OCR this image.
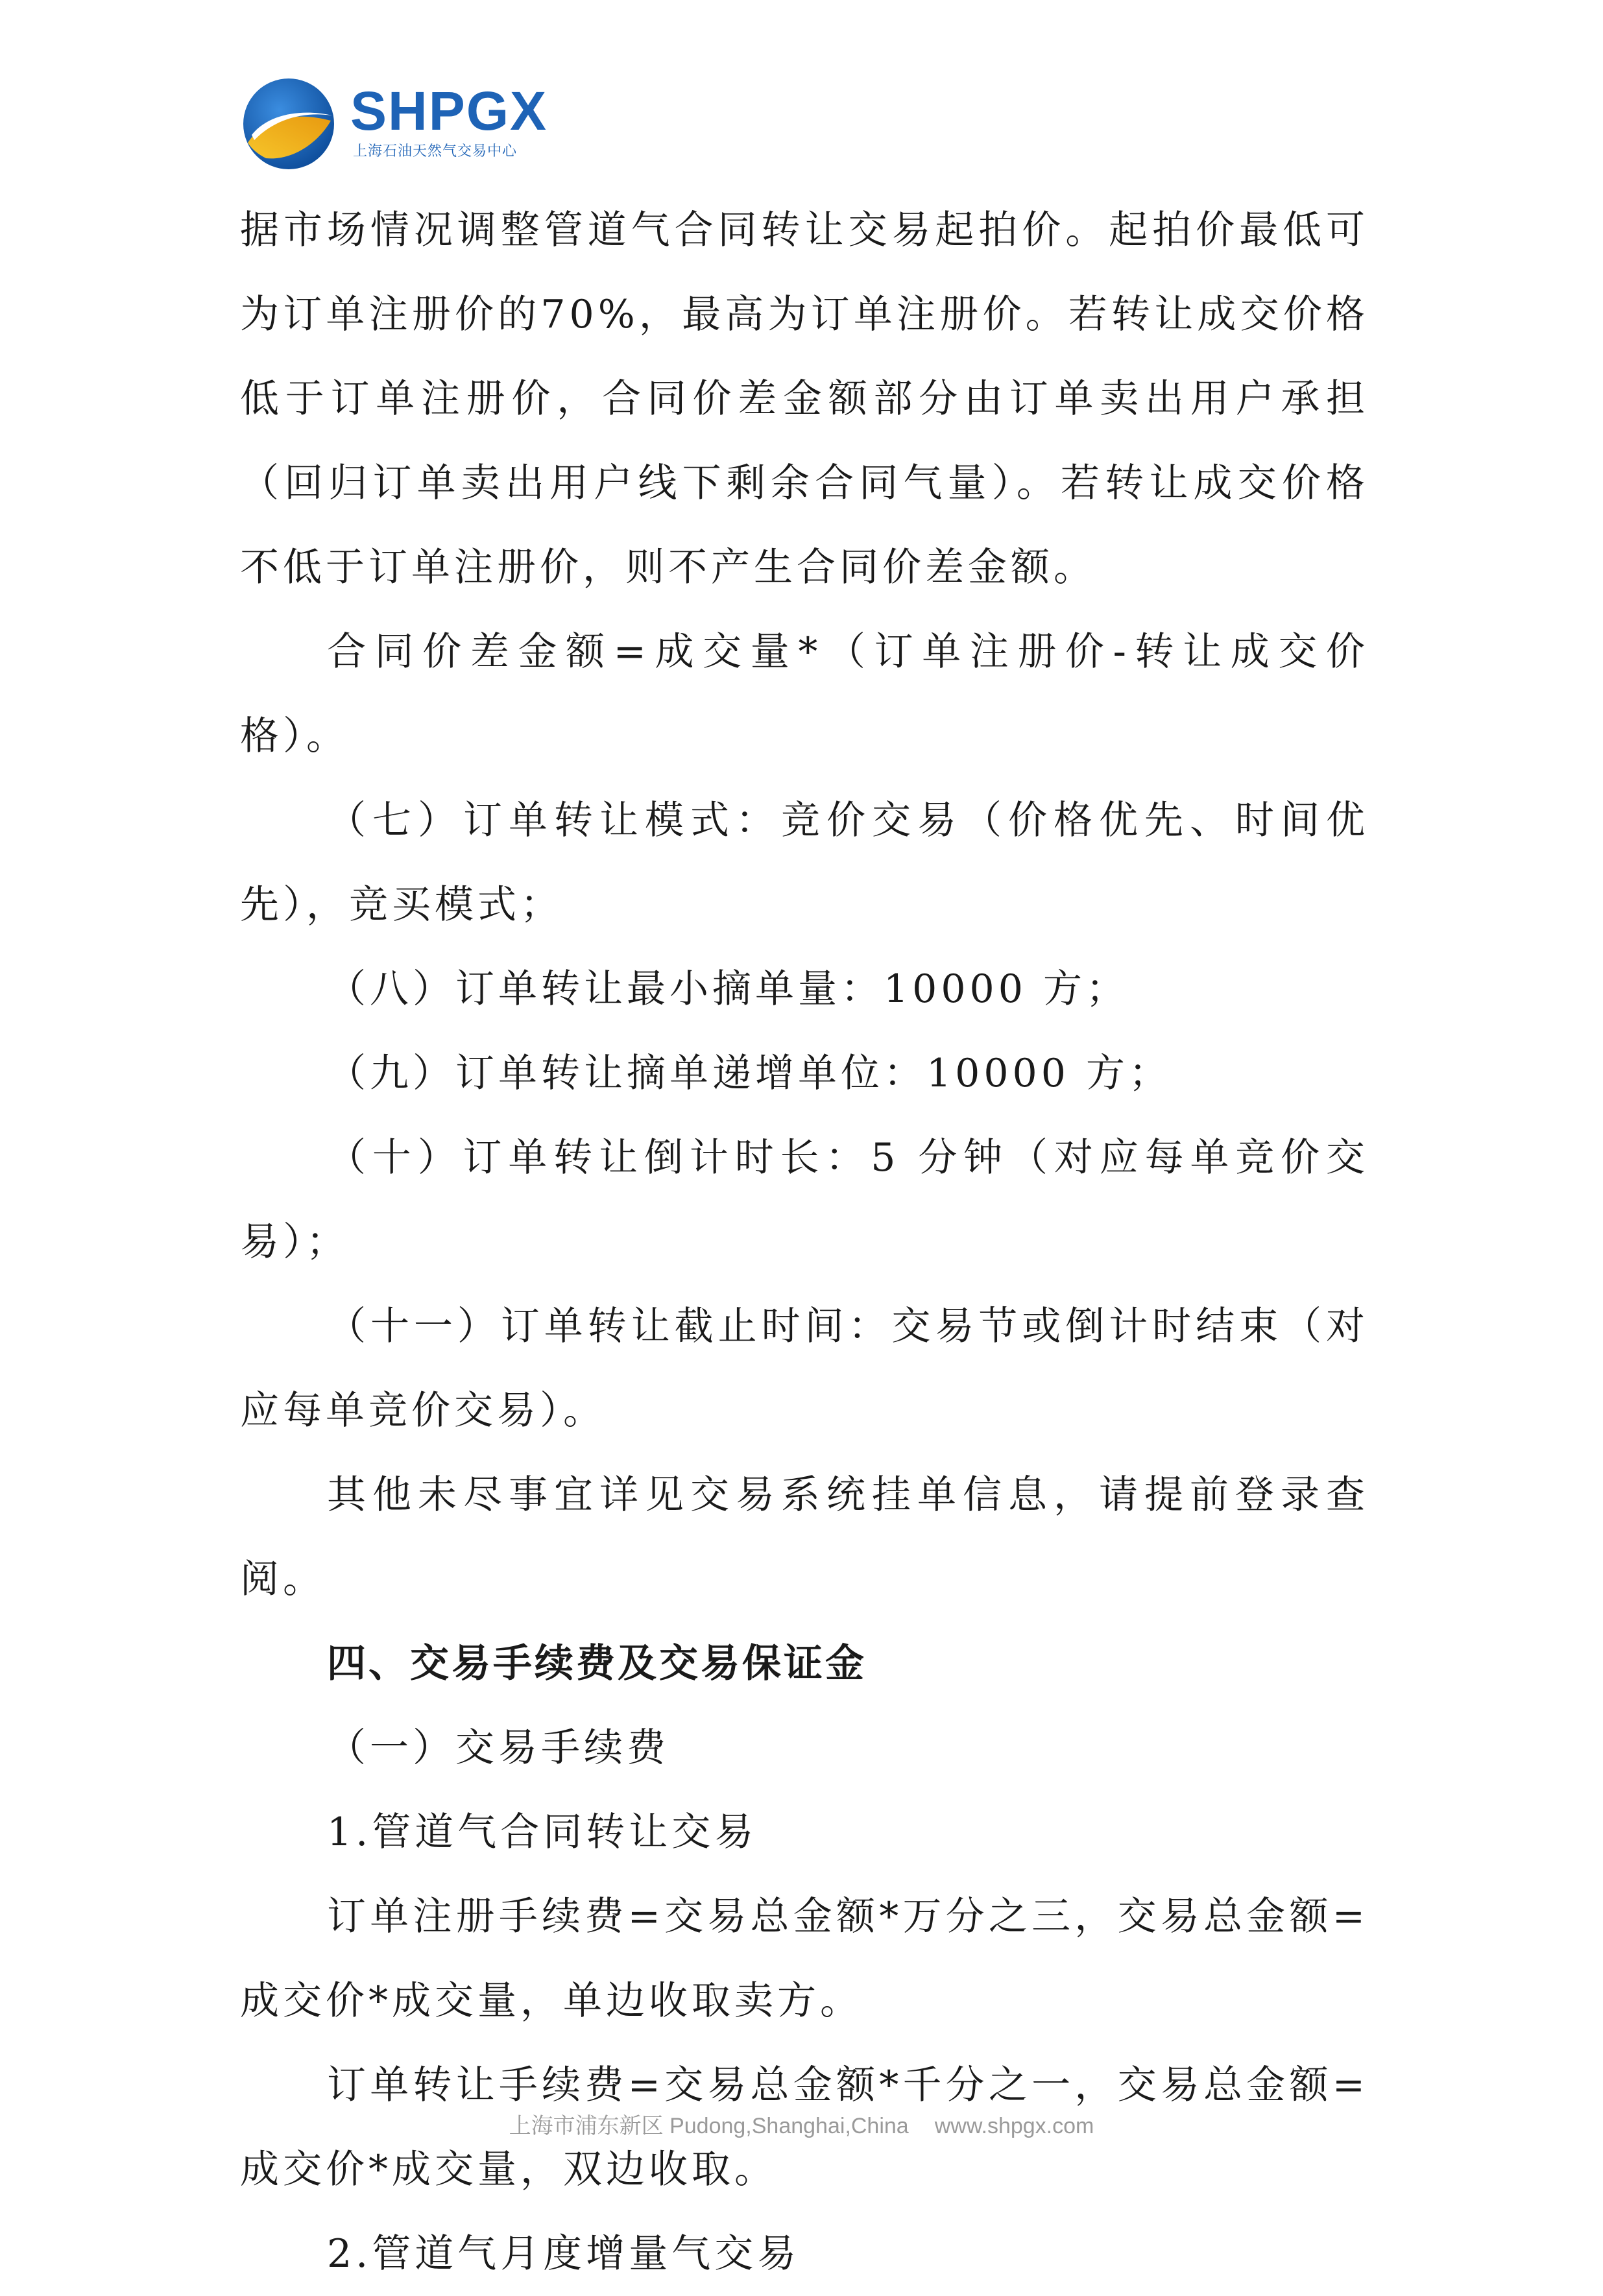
SHPGX
上海石油天然气交易中心

据市场情况调整管道气合同转让交易起拍价。起拍价最低可为订单注册价的70%，最高为订单注册价。若转让成交价格低于订单注册价，合同价差金额部分由订单卖出用户承担（回归订单卖出用户线下剩余合同气量）。若转让成交价格不低于订单注册价，则不产生合同价差金额。

合同价差金额=成交量*（订单注册价-转让成交价格）。

（七）订单转让模式：竞价交易（价格优先、时间优先），竞买模式；

（八）订单转让最小摘单量：10000 方；

（九）订单转让摘单递增单位：10000 方；

（十）订单转让倒计时长：5 分钟（对应每单竞价交易）；

（十一）订单转让截止时间：交易节或倒计时结束（对应每单竞价交易）。

其他未尽事宜详见交易系统挂单信息，请提前登录查阅。

四、交易手续费及交易保证金

（一）交易手续费

1.管道气合同转让交易

订单注册手续费=交易总金额*万分之三，交易总金额=成交价*成交量，单边收取卖方。

订单转让手续费=交易总金额*千分之一，交易总金额=成交价*成交量，双边收取。

2.管道气月度增量气交易

上海市浦东新区 Pudong,Shanghai,China www.shpgx.com
